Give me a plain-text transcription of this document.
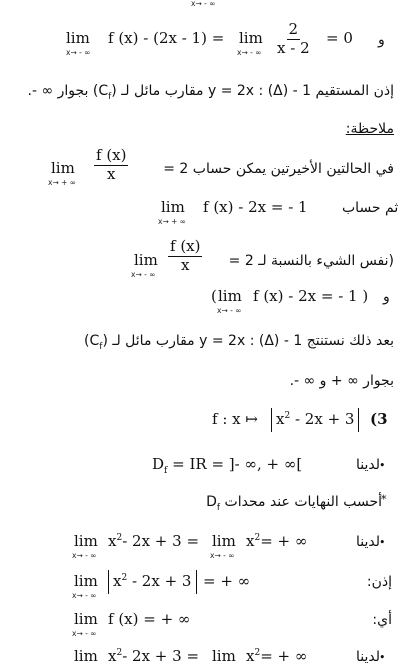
x→ - ∞
lim
x→ - ∞
f (x) - (2x - 1) = lim
x→ - ∞ $\frac{2}{x - 2} = 0$ و
إذن المستقيم 1 - y = 2x : (Δ) مقارب مائل لـ $(C_f)$ بجوار ∞ -.
ملاحظة:
lim
x→ + ∞ $\frac{f (x)}{x}$ في الحالتين الأخيرتين يمكن حساب 2 =
lim
x→ + ∞
f (x) - 2x = - 1 ثم حساب
lim
x→ - ∞
$\frac{f (x)}{x}$ (نفس الشيء بالنسبة لـ 2 =
lim
x→ - ∞
( f (x) - 2x = - 1 ) و
بعد ذلك نستنتج 1 - y = 2x : (Δ) مقارب مائل لـ $(C_f)$
بجوار ∞ + و ∞ -.
f : x ↦ $x^2 - 2x + 3$ (3
$D_f$ = IR = ]- ∞, + ∞[	لدينا •
أحسب النهايات عند محدات $D_f$
*
lim
x→ - ∞
$x^2-$ 2x + 3 = lim
x→ - ∞
$x^2=$ + ∞	لدينا •
lim
x→ - ∞
$x^2 - 2x + 3$ = + ∞	إذن:
lim
x→ - ∞
f (x) = + ∞	أي:
$\lim x^2-$ $2x + 3 = \lim x^2=$ + ∞	لدينا •
